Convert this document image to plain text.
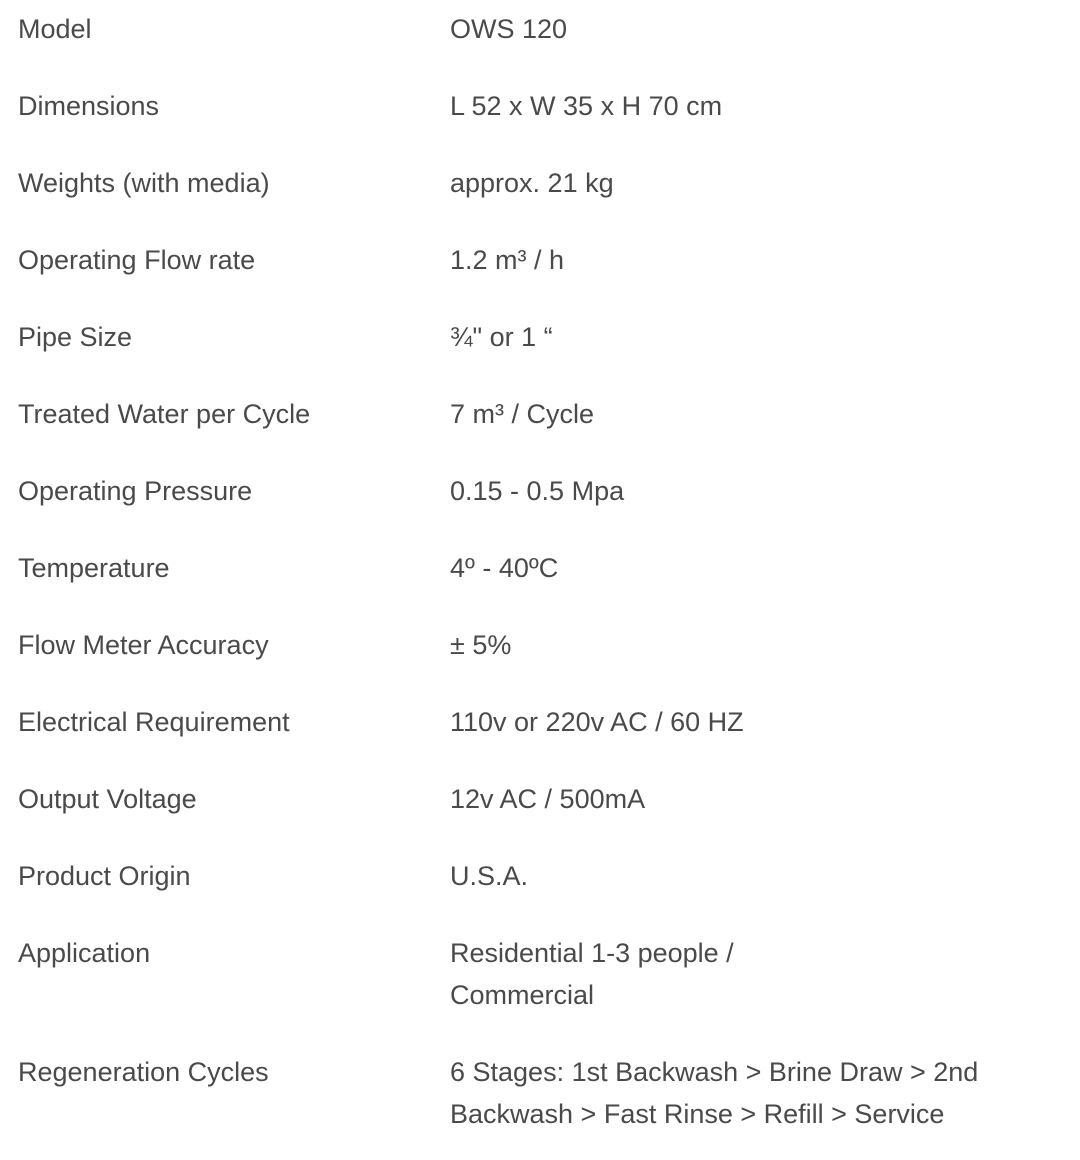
Model	OWS 120
Dimensions	L 52 x W 35 x H 70 cm
Weights (with media)	approx. 21 kg
Operating Flow rate	1.2 m³ / h
Pipe Size	¾" or 1 “
Treated Water per Cycle	7 m³ / Cycle
Operating Pressure	0.15 - 0.5 Mpa
Temperature	4º - 40ºC
Flow Meter Accuracy	± 5%
Electrical Requirement	110v or 220v AC / 60 HZ
Output Voltage	12v AC / 500mA
Product Origin	U.S.A.
Application	Residential 1-3 people /
Commercial
Regeneration Cycles	6 Stages: 1st Backwash > Brine Draw > 2nd
Backwash > Fast Rinse > Refill > Service
